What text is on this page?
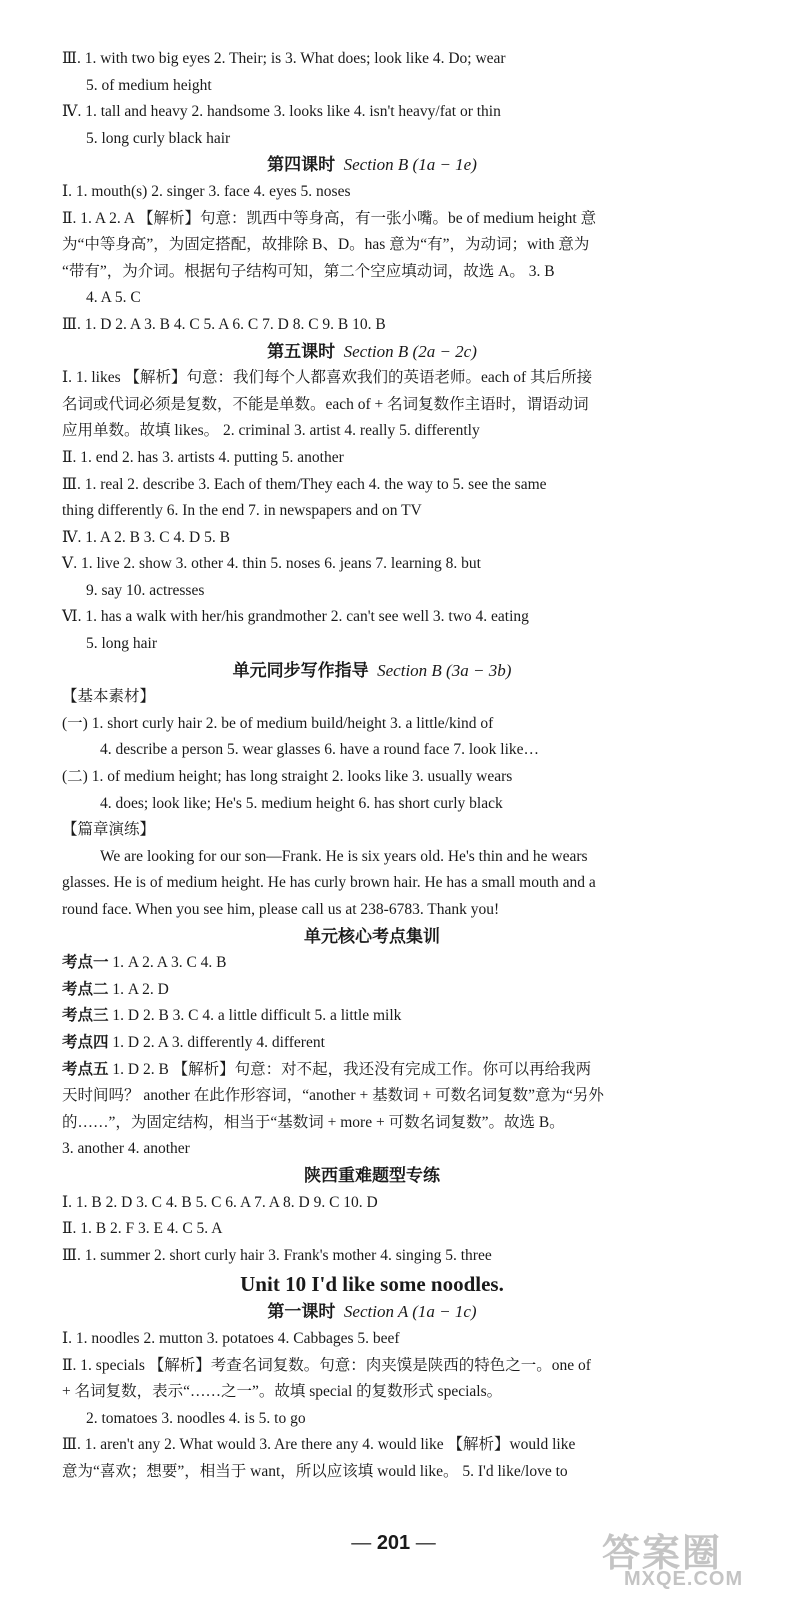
Ⅲ. 1. with two big eyes 2. Their; is 3. What does; look like 4. Do; wear
5. of medium height
Ⅳ. 1. tall and heavy 2. handsome 3. looks like 4. isn't heavy/fat or thin
5. long curly black hair
第四课时 Section B (1a − 1e)
Ⅰ. 1. mouth(s) 2. singer 3. face 4. eyes 5. noses
Ⅱ. 1. A 2. A 【解析】句意：凯西中等身高，有一张小嘴。be of medium height 意
为“中等身高”，为固定搭配，故排除 B、D。has 意为“有”，为动词；with 意为
“带有”，为介词。根据句子结构可知，第二个空应填动词，故选 A。 3. B
4. A 5. C
Ⅲ. 1. D 2. A 3. B 4. C 5. A 6. C 7. D 8. C 9. B 10. B
第五课时 Section B (2a − 2c)
Ⅰ. 1. likes 【解析】句意：我们每个人都喜欢我们的英语老师。each of 其后所接
名词或代词必须是复数，不能是单数。each of + 名词复数作主语时，谓语动词
应用单数。故填 likes。 2. criminal 3. artist 4. really 5. differently
Ⅱ. 1. end 2. has 3. artists 4. putting 5. another
Ⅲ. 1. real 2. describe 3. Each of them/They each 4. the way to 5. see the same
thing differently 6. In the end 7. in newspapers and on TV
Ⅳ. 1. A 2. B 3. C 4. D 5. B
Ⅴ. 1. live 2. show 3. other 4. thin 5. noses 6. jeans 7. learning 8. but
9. say 10. actresses
Ⅵ. 1. has a walk with her/his grandmother 2. can't see well 3. two 4. eating
5. long hair
单元同步写作指导 Section B (3a − 3b)
【基本素材】
(一) 1. short curly hair 2. be of medium build/height 3. a little/kind of
4. describe a person 5. wear glasses 6. have a round face 7. look like…
(二) 1. of medium height; has long straight 2. looks like 3. usually wears
4. does; look like; He's 5. medium height 6. has short curly black
【篇章演练】
We are looking for our son—Frank. He is six years old. He's thin and he wears
glasses. He is of medium height. He has curly brown hair. He has a small mouth and a
round face. When you see him, please call us at 238-6783. Thank you!
单元核心考点集训
考点一 1. A 2. A 3. C 4. B
考点二 1. A 2. D
考点三 1. D 2. B 3. C 4. a little difficult 5. a little milk
考点四 1. D 2. A 3. differently 4. different
考点五 1. D 2. B 【解析】句意：对不起，我还没有完成工作。你可以再给我两
天时间吗？ another 在此作形容词，“another + 基数词 + 可数名词复数”意为“另外
的……”，为固定结构，相当于“基数词 + more + 可数名词复数”。故选 B。
3. another 4. another
陕西重难题型专练
Ⅰ. 1. B 2. D 3. C 4. B 5. C 6. A 7. A 8. D 9. C 10. D
Ⅱ. 1. B 2. F 3. E 4. C 5. A
Ⅲ. 1. summer 2. short curly hair 3. Frank's mother 4. singing 5. three
Unit 10 I'd like some noodles.
第一课时 Section A (1a − 1c)
Ⅰ. 1. noodles 2. mutton 3. potatoes 4. Cabbages 5. beef
Ⅱ. 1. specials 【解析】考查名词复数。句意：肉夹馍是陕西的特色之一。one of
+ 名词复数，表示“……之一”。故填 special 的复数形式 specials。
2. tomatoes 3. noodles 4. is 5. to go
Ⅲ. 1. aren't any 2. What would 3. Are there any 4. would like 【解析】would like
意为“喜欢；想要”，相当于 want，所以应该填 would like。 5. I'd like/love to
— 201 —	答案圈
MXQE.COM
